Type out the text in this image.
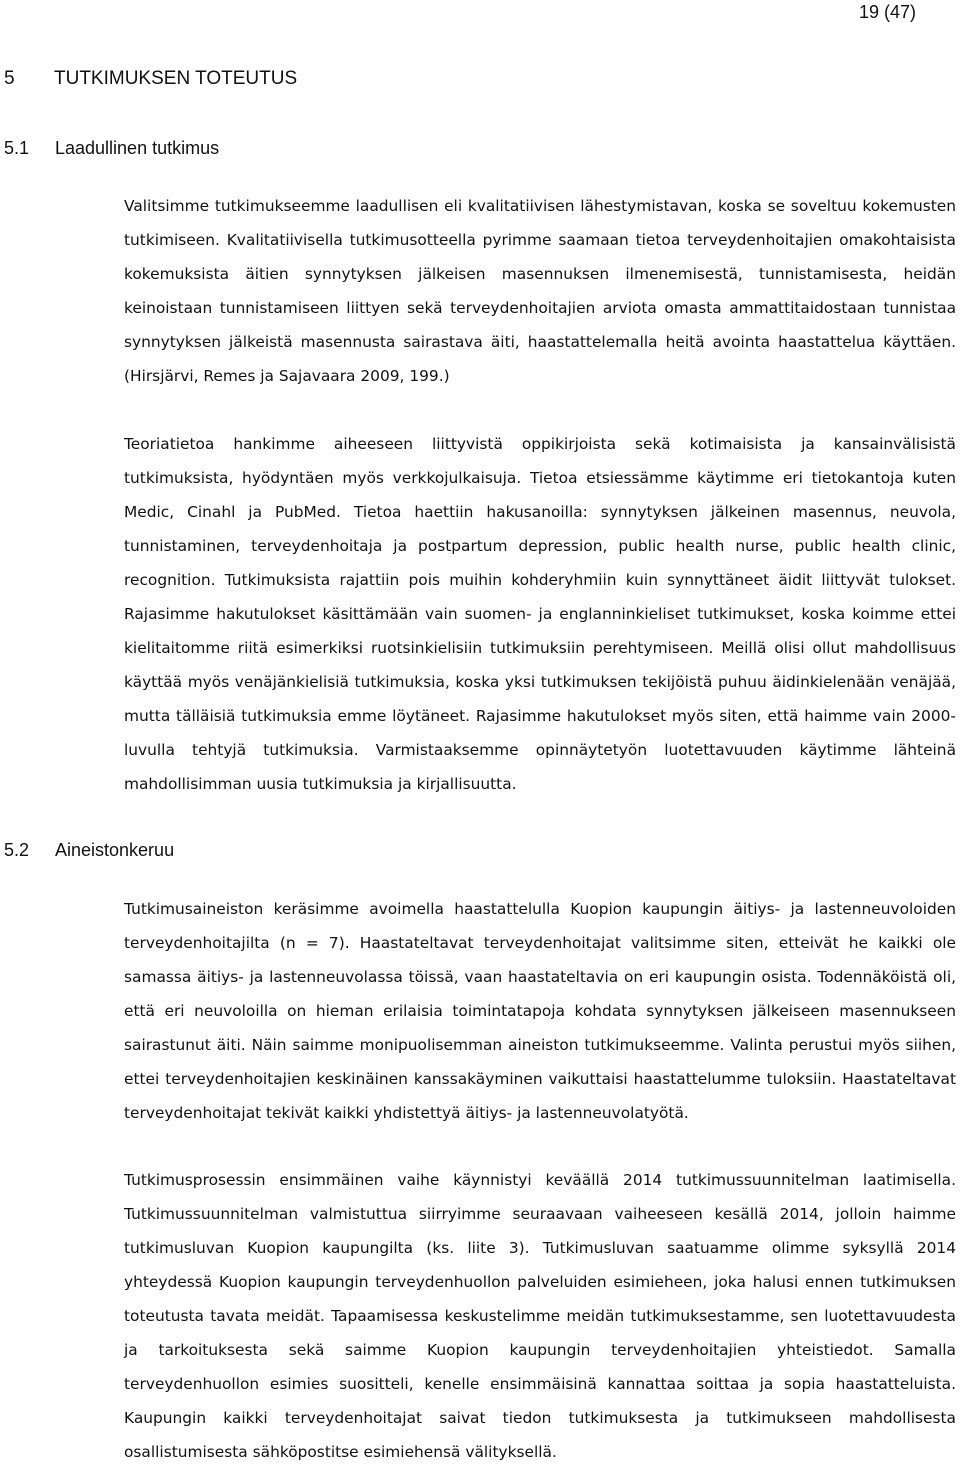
19 (47)
5 TUTKIMUKSEN TOTEUTUS
5.1 Laadullinen tutkimus

Valitsimme tutkimukseemme laadullisen eli kvalitatiivisen lähestymistavan, koska se soveltuu kokemusten tutkimiseen. Kvalitatiivisella tutkimusotteella pyrimme saamaan tietoa terveydenhoitajien omakohtaisista kokemuksista äitien synnytyksen jälkeisen masennuksen ilmenemisestä, tunnistamisesta, heidän keinoistaan tunnistamiseen liittyen sekä terveydenhoitajien arviota omasta ammattitaidostaan tunnistaa synnytyksen jälkeistä masennusta sairastava äiti, haastattelemalla heitä avointa haastattelua käyttäen. (Hirsjärvi, Remes ja Sajavaara 2009, 199.)

Teoriatietoa hankimme aiheeseen liittyvistä oppikirjoista sekä kotimaisista ja kansainvälisistä tutkimuksista, hyödyntäen myös verkkojulkaisuja. Tietoa etsiessämme käytimme eri tietokantoja kuten Medic, Cinahl ja PubMed. Tietoa haettiin hakusanoilla: synnytyksen jälkeinen masennus, neuvola, tunnistaminen, terveydenhoitaja ja postpartum depression, public health nurse, public health clinic, recognition. Tutkimuksista rajattiin pois muihin kohderyhmiin kuin synnyttäneet äidit liittyvät tulokset. Rajasimme hakutulokset käsittämään vain suomen- ja englanninkieliset tutkimukset, koska koimme ettei kielitaitomme riitä esimerkiksi ruotsinkielisiin tutkimuksiin perehtymiseen. Meillä olisi ollut mahdollisuus käyttää myös venäjänkielisiä tutkimuksia, koska yksi tutkimuksen tekijöistä puhuu äidinkielenään venäjää, mutta tälläisiä tutkimuksia emme löytäneet. Rajasimme hakutulokset myös siten, että haimme vain 2000-luvulla tehtyjä tutkimuksia. Varmistaaksemme opinnäytetyön luotettavuuden käytimme lähteinä mahdollisimman uusia tutkimuksia ja kirjallisuutta.

5.2 Aineistonkeruu

Tutkimusaineiston keräsimme avoimella haastattelulla Kuopion kaupungin äitiys- ja lastenneuvoloiden terveydenhoitajilta (n = 7). Haastateltavat terveydenhoitajat valitsimme siten, etteivät he kaikki ole samassa äitiys- ja lastenneuvolassa töissä, vaan haastateltavia on eri kaupungin osista. Todennäköistä oli, että eri neuvoloilla on hieman erilaisia toimintatapoja kohdata synnytyksen jälkeiseen masennukseen sairastunut äiti. Näin saimme monipuolisemman aineiston tutkimukseemme. Valinta perustui myös siihen, ettei terveydenhoitajien keskinäinen kanssakäyminen vaikuttaisi haastattelumme tuloksiin. Haastateltavat terveydenhoitajat tekivät kaikki yhdistettyä äitiys- ja lastenneuvolatyötä.

Tutkimusprosessin ensimmäinen vaihe käynnistyi keväällä 2014 tutkimussuunnitelman laatimisella. Tutkimussuunnitelman valmistuttua siirryimme seuraavaan vaiheeseen kesällä 2014, jolloin haimme tutkimusluvan Kuopion kaupungilta (ks. liite 3). Tutkimusluvan saatuamme olimme syksyllä 2014 yhteydessä Kuopion kaupungin terveydenhuollon palveluiden esimieheen, joka halusi ennen tutkimuksen toteutusta tavata meidät. Tapaamisessa keskustelimme meidän tutkimuksestamme, sen luotettavuudesta ja tarkoituksesta sekä saimme Kuopion kaupungin terveydenhoitajien yhteistiedot. Samalla terveydenhuollon esimies suositteli, kenelle ensimmäisinä kannattaa soittaa ja sopia haastatteluista. Kaupungin kaikki terveydenhoitajat saivat tiedon tutkimuksesta ja tutkimukseen mahdollisesta osallistumisesta sähköpostitse esimiehensä välityksellä.
